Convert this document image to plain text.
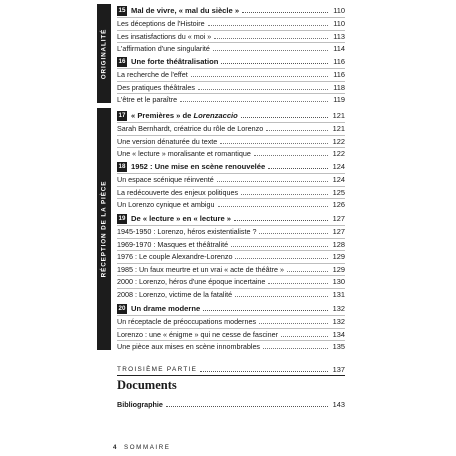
ORIGINALITÉ
RÉCEPTION DE LA PIÈCE
15 Mal de vivre, « mal du siècle »	110
Les déceptions de l'Histoire	110
Les insatisfactions du « moi »	113
L'affirmation d'une singularité	114
16 Une forte théâtralisation	116
La recherche de l'effet	116
Des pratiques théâtrales	118
L'être et le paraître	119
17 « Premières » de Lorenzaccio	121
Sarah Bernhardt, créatrice du rôle de Lorenzo	121
Une version dénaturée du texte	122
Une « lecture » moralisante et romantique	122
18 1952 : Une mise en scène renouvelée	124
Un espace scénique réinventé	124
La redécouverte des enjeux politiques	125
Un Lorenzo cynique et ambigu	126
19 De « lecture » en « lecture »	127
1945-1950 : Lorenzo, héros existentialiste ?	127
1969-1970 : Masques et théâtralité	128
1976 : Le couple Alexandre-Lorenzo	129
1985 : Un faux meurtre et un vrai « acte de théâtre »	129
2000 : Lorenzo, héros d'une époque incertaine	130
2008 : Lorenzo, victime de la fatalité	131
20 Un drame moderne	132
Un réceptacle de préoccupations modernes	132
Lorenzo : une « énigme » qui ne cesse de fasciner	134
Une pièce aux mises en scène innombrables	135
TROISIÈME PARTIE	137
Documents
Bibliographie	143
4 SOMMAIRE
